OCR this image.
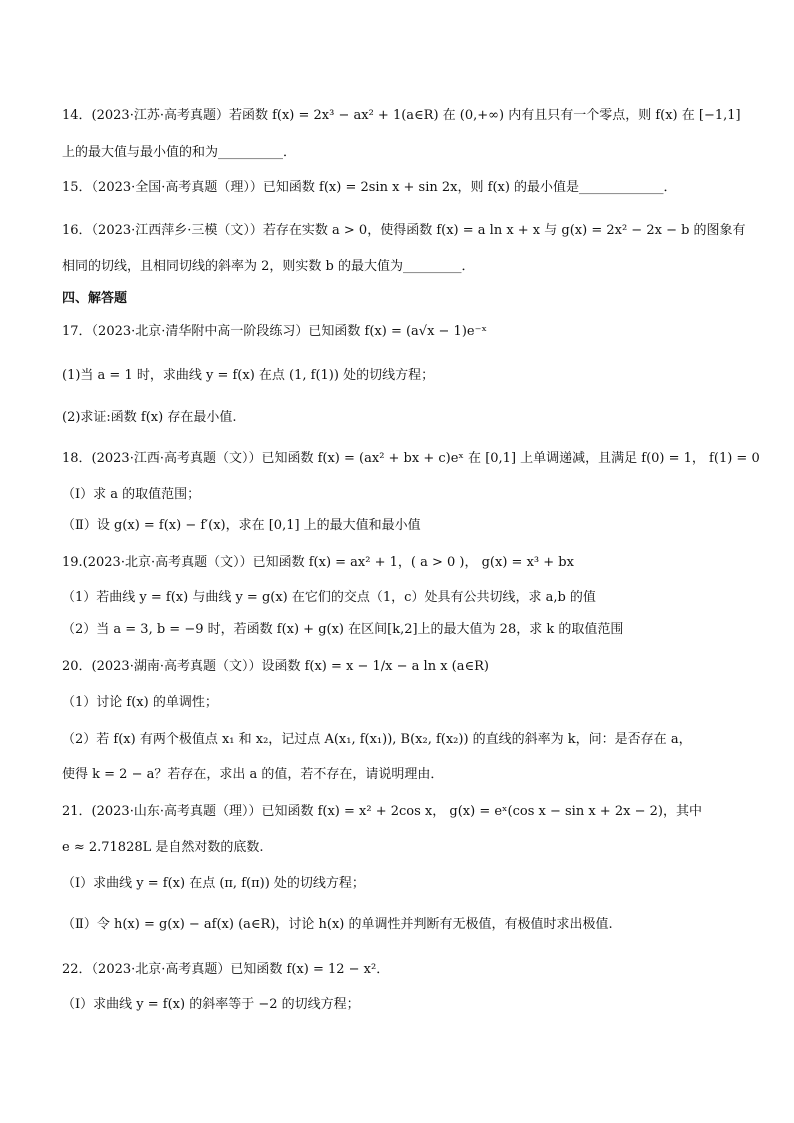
14．(2023·江苏·高考真题）若函数 f(x) = 2x³ − ax² + 1(a∈R) 在 (0,+∞) 内有且只有一个零点，则 f(x) 在 [−1,1]
上的最大值与最小值的和为__________．
15．（2023·全国·高考真题（理））已知函数 f(x) = 2sin x + sin 2x，则 f(x) 的最小值是_____________．
16．（2023·江西萍乡·三模（文））若存在实数 a > 0，使得函数 f(x) = a ln x + x 与 g(x) = 2x² − 2x − b 的图象有
相同的切线，且相同切线的斜率为 2，则实数 b 的最大值为_________．
四、解答题
17．（2023·北京·清华附中高一阶段练习）已知函数 f(x) = (a√x − 1)e⁻ˣ
(1)当 a = 1 时，求曲线 y = f(x) 在点 (1, f(1)) 处的切线方程；
(2)求证:函数 f(x) 存在最小值.
18．(2023·江西·高考真题（文））已知函数 f(x) = (ax² + bx + c)eˣ 在 [0,1] 上单调递减，且满足 f(0) = 1， f(1) = 0
（Ⅰ）求 a 的取值范围；
（Ⅱ）设 g(x) = f(x) − f′(x)，求在 [0,1] 上的最大值和最小值
19.(2023·北京·高考真题（文））已知函数 f(x) = ax² + 1，( a > 0 )， g(x) = x³ + bx
（1）若曲线 y = f(x) 与曲线 y = g(x) 在它们的交点（1，c）处具有公共切线，求 a,b 的值
（2）当 a = 3, b = −9 时，若函数 f(x) + g(x) 在区间[k,2]上的最大值为 28，求 k 的取值范围
20．(2023·湖南·高考真题（文））设函数 f(x) = x − 1/x − a ln x (a∈R)
（1）讨论 f(x) 的单调性；
（2）若 f(x) 有两个极值点 x₁ 和 x₂，记过点 A(x₁, f(x₁)), B(x₂, f(x₂)) 的直线的斜率为 k，问：是否存在 a，
使得 k = 2 − a？若存在，求出 a 的值，若不存在，请说明理由．
21．(2023·山东·高考真题（理））已知函数 f(x) = x² + 2cos x， g(x) = eˣ(cos x − sin x + 2x − 2)，其中
e ≈ 2.71828L 是自然对数的底数.
（Ⅰ）求曲线 y = f(x) 在点 (π, f(π)) 处的切线方程；
（Ⅱ）令 h(x) = g(x) − af(x) (a∈R)，讨论 h(x) 的单调性并判断有无极值，有极值时求出极值.
22．（2023·北京·高考真题）已知函数 f(x) = 12 − x²．
（Ⅰ）求曲线 y = f(x) 的斜率等于 −2 的切线方程；
